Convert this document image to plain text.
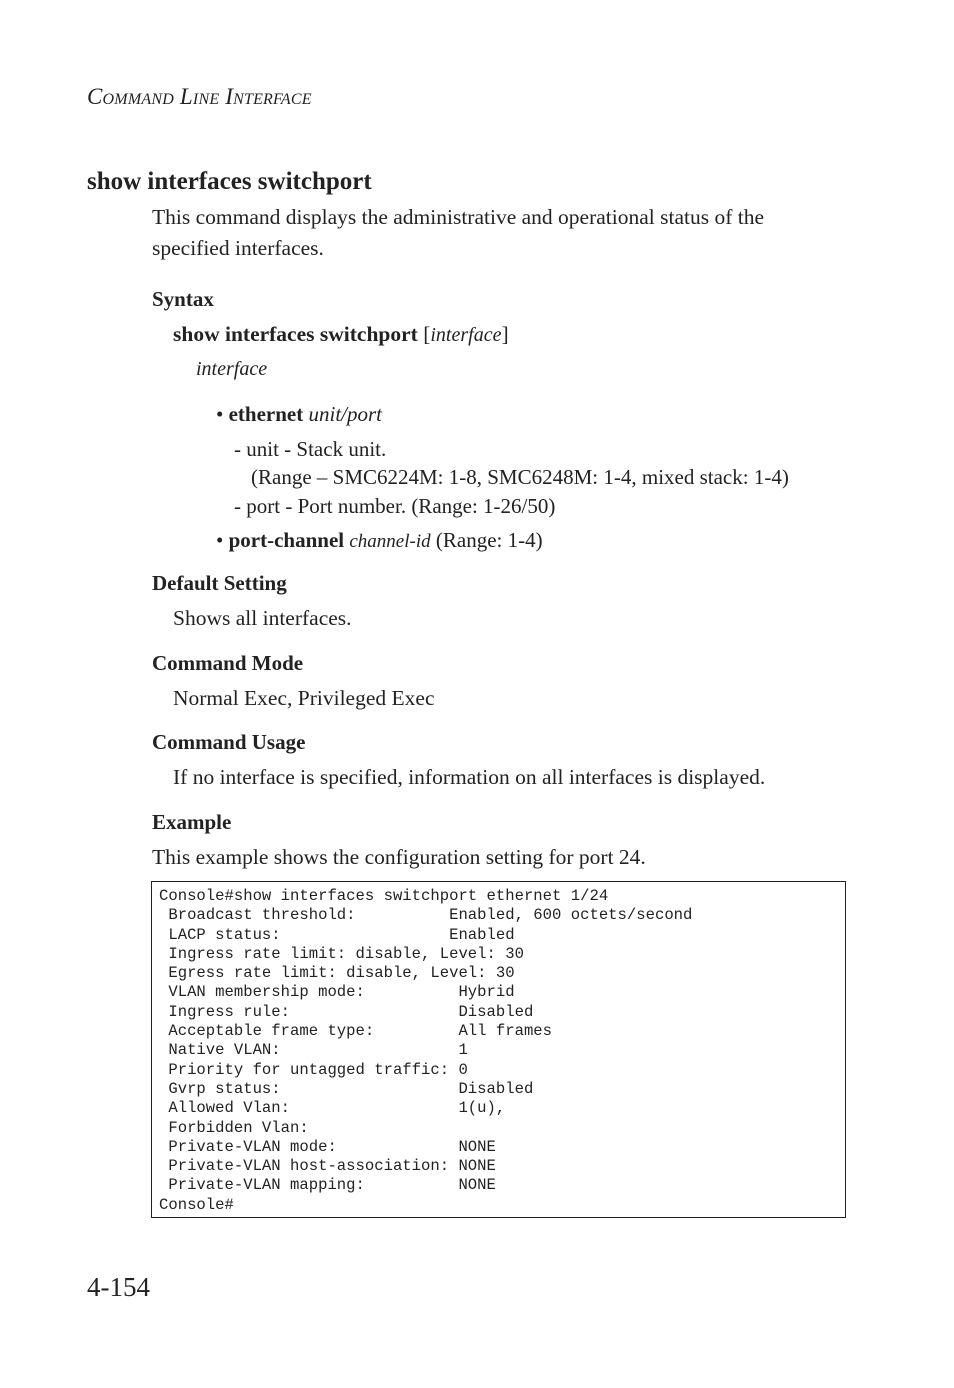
COMMAND LINE INTERFACE
show interfaces switchport
This command displays the administrative and operational status of the specified interfaces.
Syntax
show interfaces switchport [interface]
interface
• ethernet unit/port
- unit - Stack unit.
(Range – SMC6224M: 1-8, SMC6248M: 1-4, mixed stack: 1-4)
- port - Port number. (Range: 1-26/50)
• port-channel channel-id (Range: 1-4)
Default Setting
Shows all interfaces.
Command Mode
Normal Exec, Privileged Exec
Command Usage
If no interface is specified, information on all interfaces is displayed.
Example
This example shows the configuration setting for port 24.
Console#show interfaces switchport ethernet 1/24
Broadcast threshold:          Enabled, 600 octets/second
LACP status:                  Enabled
Ingress rate limit: disable, Level: 30
Egress rate limit: disable, Level: 30
VLAN membership mode:          Hybrid
Ingress rule:                  Disabled
Acceptable frame type:         All frames
Native VLAN:                   1
Priority for untagged traffic: 0
Gvrp status:                   Disabled
Allowed Vlan:                  1(u),
Forbidden Vlan:
Private-VLAN mode:             NONE
Private-VLAN host-association: NONE
Private-VLAN mapping:          NONE
Console#
4-154
